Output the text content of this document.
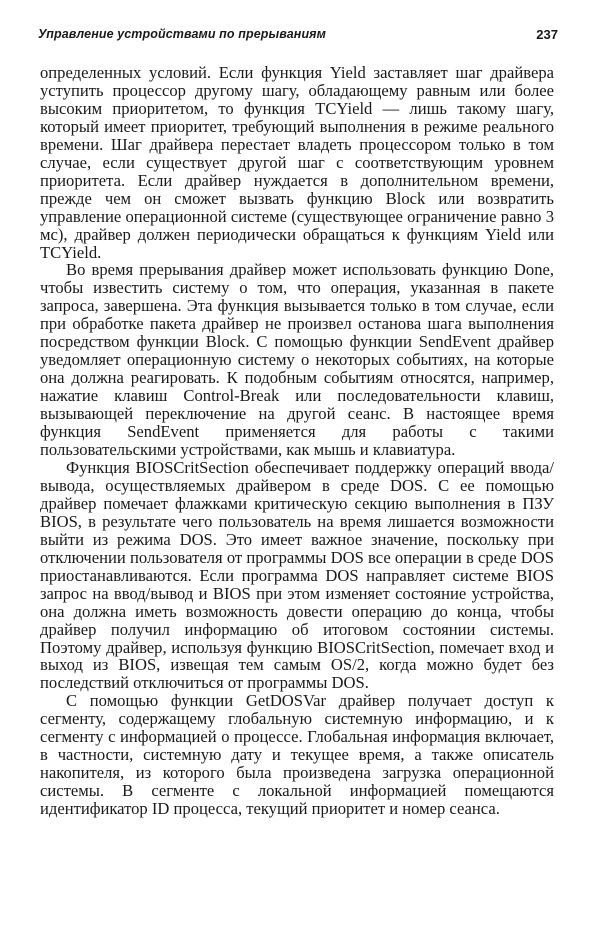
Управление устройствами по прерываниям	237

определенных условий. Если функция Yield заставляет шаг драйвера уступить процессор другому шагу, обладающему равным или более высоким приоритетом, то функция TCYield — лишь такому шагу, который имеет приоритет, требующий выполнения в режиме реального времени. Шаг драйвера перестает владеть процессором только в том случае, если существует другой шаг с соответствующим уровнем приоритета. Если драйвер нуждается в дополнительном времени, прежде чем он сможет вызвать функцию Block или возвратить управление операционной системе (существующее ограничение равно 3 мс), драйвер должен периодически обращаться к функциям Yield или TCYield.

Во время прерывания драйвер может использовать функцию Done, чтобы известить систему о том, что операция, указанная в пакете запроса, завершена. Эта функция вызывается только в том случае, если при обработке пакета драйвер не произвел останова шага выполнения посредством функции Block. С помощью функции SendEvent драйвер уведомляет операционную систему о некоторых событиях, на которые она должна реагировать. К подобным событиям относятся, например, нажатие клавиш Control-Break или последовательности клавиш, вызывающей переключение на другой сеанс. В настоящее время функция SendEvent применяется для работы с такими пользовательскими устройствами, как мышь и клавиатура.

Функция BIOSCritSection обеспечивает поддержку операций ввода/вывода, осуществляемых драйвером в среде DOS. С ее помощью драйвер помечает флажками критическую секцию выполнения в ПЗУ BIOS, в результате чего пользователь на время лишается возможности выйти из режима DOS. Это имеет важное значение, поскольку при отключении пользователя от программы DOS все операции в среде DOS приостанавливаются. Если программа DOS направляет системе BIOS запрос на ввод/вывод и BIOS при этом изменяет состояние устройства, она должна иметь возможность довести операцию до конца, чтобы драйвер получил информацию об итоговом состоянии системы. Поэтому драйвер, используя функцию BIOSCritSection, помечает вход и выход из BIOS, извещая тем самым OS/2, когда можно будет без последствий отключиться от программы DOS.

С помощью функции GetDOSVar драйвер получает доступ к сегменту, содержащему глобальную системную информацию, и к сегменту с информацией о процессе. Глобальная информация включает, в частности, системную дату и текущее время, а также описатель накопителя, из которого была произведена загрузка операционной системы. В сегменте с локальной информацией помещаются идентификатор ID процесса, текущий приоритет и номер сеанса.
